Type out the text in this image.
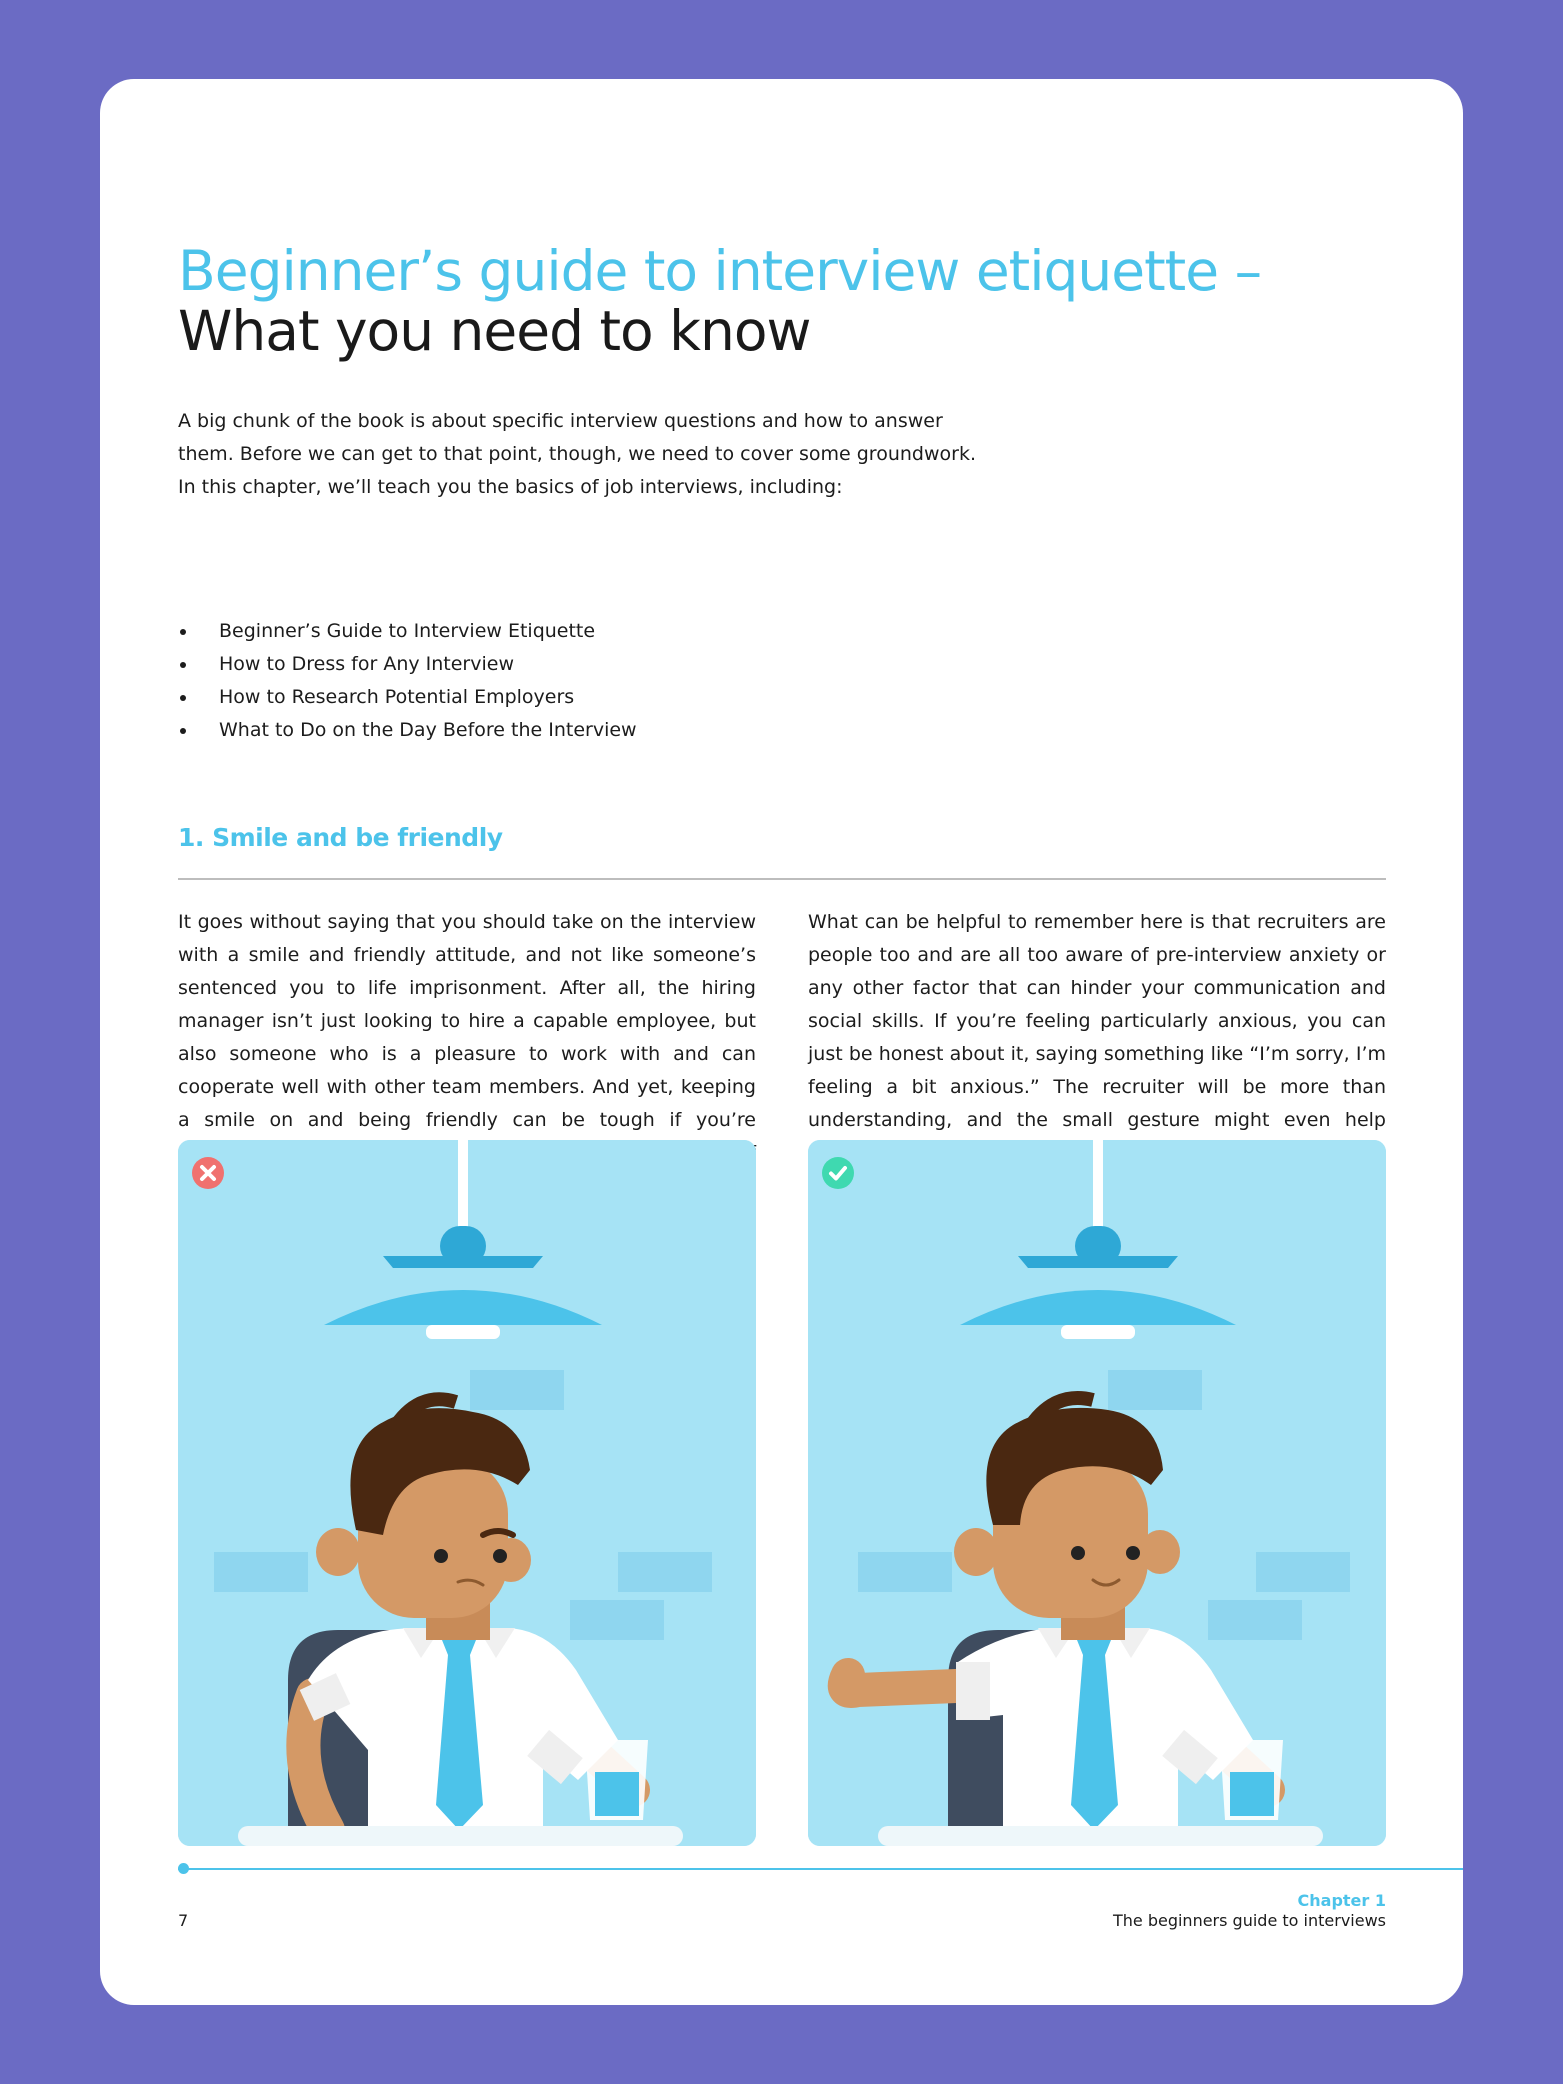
Beginner’s guide to interview etiquette –
What you need to know

A big chunk of the book is about specific interview questions and how to answer them. Before we can get to that point, though, we need to cover some groundwork. In this chapter, we’ll teach you the basics of job interviews, including:

Beginner’s Guide to Interview Etiquette
How to Dress for Any Interview
How to Research Potential Employers
What to Do on the Day Before the Interview
1. Smile and be friendly

It goes without saying that you should take on the interview with a smile and friendly attitude, and not like someone’s sentenced you to life imprisonment. After all, the hiring manager isn’t just looking to hire a capable employee, but also someone who is a pleasure to work with and can cooperate well with other team members. And yet, keeping a smile on and being friendly can be tough if you’re

What can be helpful to remember here is that recruiters are people too and are all too aware of pre-interview anxiety or any other factor that can hinder your communication and social skills. If you’re feeling particularly anxious, you can just be honest about it, saying something like “I’m sorry, I’m feeling a bit anxious.” The recruiter will be more than understanding, and the small gesture might even help

7
Chapter 1
The beginners guide to interviews
